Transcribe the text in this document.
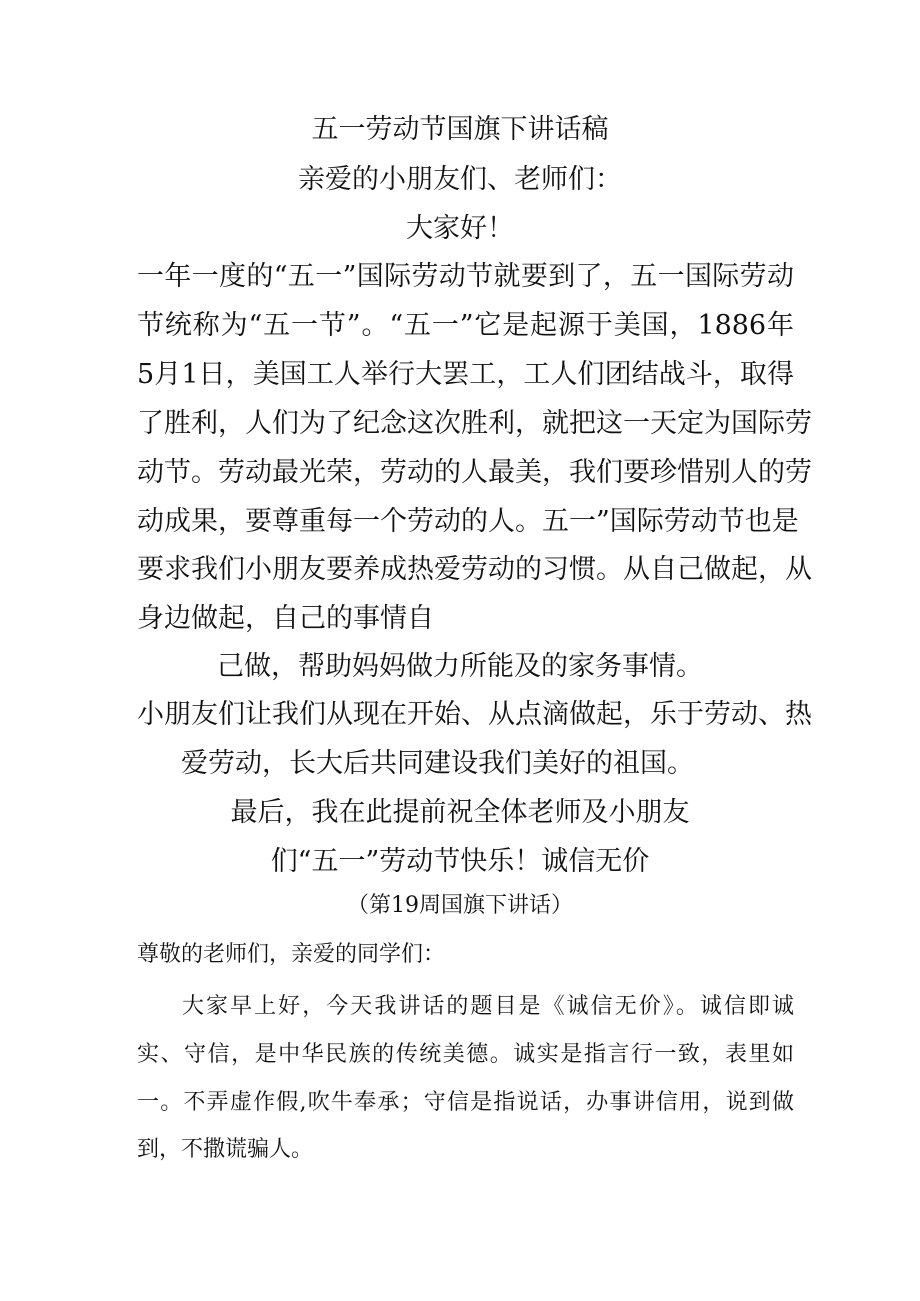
五一劳动节国旗下讲话稿
亲爱的小朋友们、老师们：
大家好！
一年一度的“五一”国际劳动节就要到了，五一国际劳动
节统称为“五一节”。“五一”它是起源于美国，1886年
5月1日，美国工人举行大罢工，工人们团结战斗，取得
了胜利，人们为了纪念这次胜利，就把这一天定为国际劳
动节。劳动最光荣，劳动的人最美，我们要珍惜别人的劳
动成果，要尊重每一个劳动的人。五一”国际劳动节也是
要求我们小朋友要养成热爱劳动的习惯。从自己做起，从
身边做起，自己的事情自
己做，帮助妈妈做力所能及的家务事情。
小朋友们让我们从现在开始、从点滴做起，乐于劳动、热
爱劳动，长大后共同建设我们美好的祖国。
最后，我在此提前祝全体老师及小朋友
们“五一”劳动节快乐！诚信无价
（第19周国旗下讲话）
尊敬的老师们，亲爱的同学们：
大家早上好，今天我讲话的题目是《诚信无价》。诚信即诚
实、守信，是中华民族的传统美德。诚实是指言行一致，表里如
一。不弄虚作假,吹牛奉承；守信是指说话，办事讲信用，说到做
到，不撒谎骗人。
